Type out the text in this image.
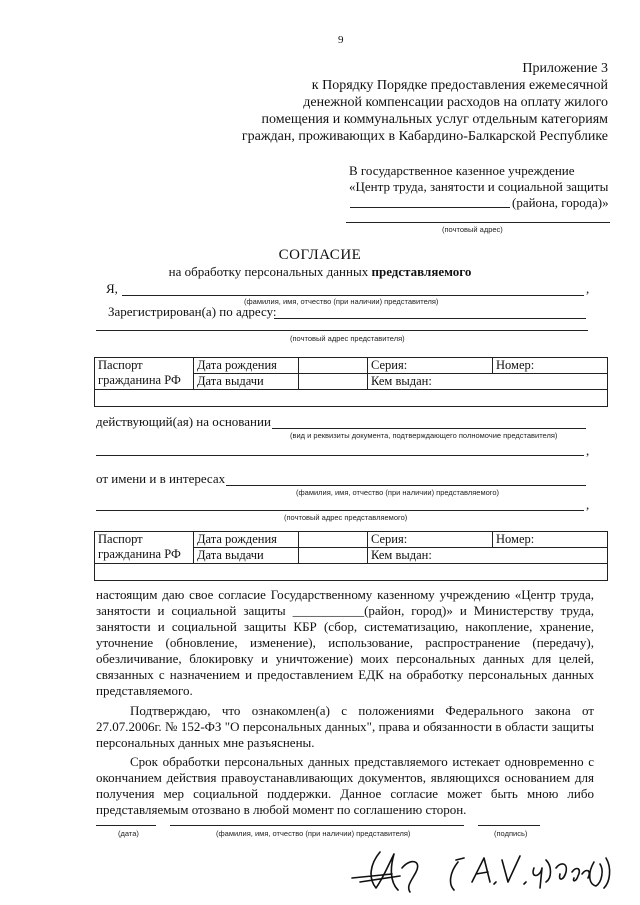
9
Приложение 3
к Порядку Порядке предоставления ежемесячной
денежной компенсации расходов на оплату жилого
помещения и коммунальных услуг отдельным категориям
граждан, проживающих в Кабардино-Балкарской Республике
В государственное казенное учреждение
«Центр труда, занятости и социальной защиты
(района, города)»
(почтовый адрес)
СОГЛАСИЕ
на обработку персональных данных представляемого
Я,	,
(фамилия, имя, отчество (при наличии) представителя)
Зарегистрирован(а) по адресу:
(почтовый адрес представителя)
Паспорт
гражданина РФ	Дата рождения		Серия:	Номер:
	Дата выдачи		Кем выдан:	

действующий(ая) на основании
(вид и реквизиты документа, подтверждающего полномочие представителя)
,
от имени и в интересах
(фамилия, имя, отчество (при наличии) представляемого)
,
(почтовый адрес представляемого)
Паспорт
гражданина РФ	Дата рождения		Серия:	Номер:
	Дата выдачи		Кем выдан:	

настоящим даю свое согласие Государственному казенному учреждению «Центр труда,
занятости и социальной защиты ___________(район, город)» и Министерству труда,
занятости и социальной защиты КБР (сбор, систематизацию, накопление, хранение,
уточнение (обновление, изменение), использование, распространение (передачу),
обезличивание, блокировку и уничтожение) моих персональных данных для целей,
связанных с назначением и предоставлением ЕДК на обработку персональных данных
представляемого.
Подтверждаю, что ознакомлен(а) с положениями Федерального закона от
27.07.2006г. № 152-ФЗ "О персональных данных", права и обязанности в области защиты
персональных данных мне разъяснены.
Срок обработки персональных данных представляемого истекает одновременно с
окончанием действия правоустанавливающих документов, являющихся основанием для
получения мер социальной поддержки. Данное согласие может быть мною либо
представляемым отозвано в любой момент по соглашению сторон.
(дата)	(фамилия, имя, отчество (при наличии) представителя)	(подпись)
